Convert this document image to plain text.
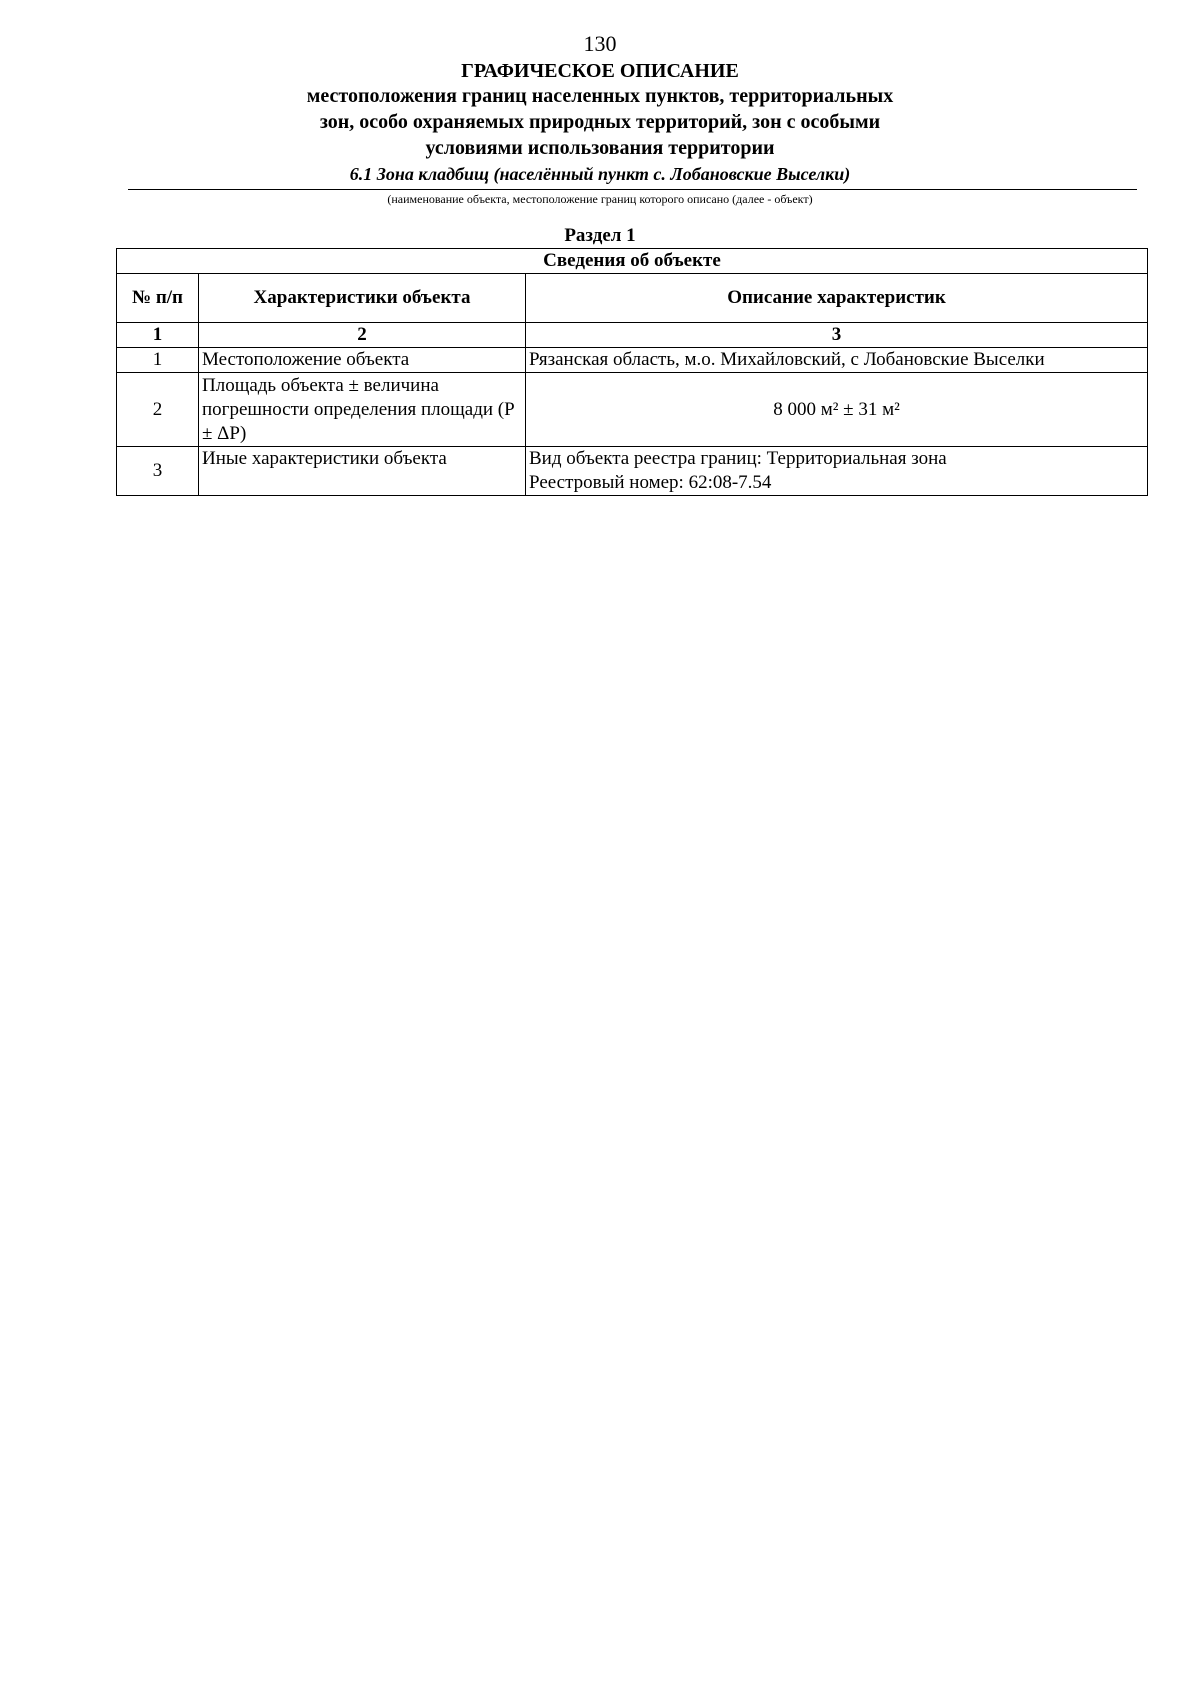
130
ГРАФИЧЕСКОЕ ОПИСАНИЕ
местоположения границ населенных пунктов, территориальных
зон, особо охраняемых природных территорий, зон с особыми
условиями использования территории
6.1 Зона кладбищ (населённый пункт с. Лобановские Выселки)
(наименование объекта, местоположение границ которого описано (далее - объект)
Раздел 1
Сведения об объекте		
№ п/п	Характеристики объекта	Описание характеристик
1	2	3
1	Местоположение объекта	Рязанская область, м.о. Михайловский, с Лобановские Выселки
2	Площадь объекта ± величина погрешности определения площади (P ± ΔP)	8 000 м² ± 31 м²
3	Иные характеристики объекта	Вид объекта реестра границ: Территориальная зона
Реестровый номер: 62:08-7.54
